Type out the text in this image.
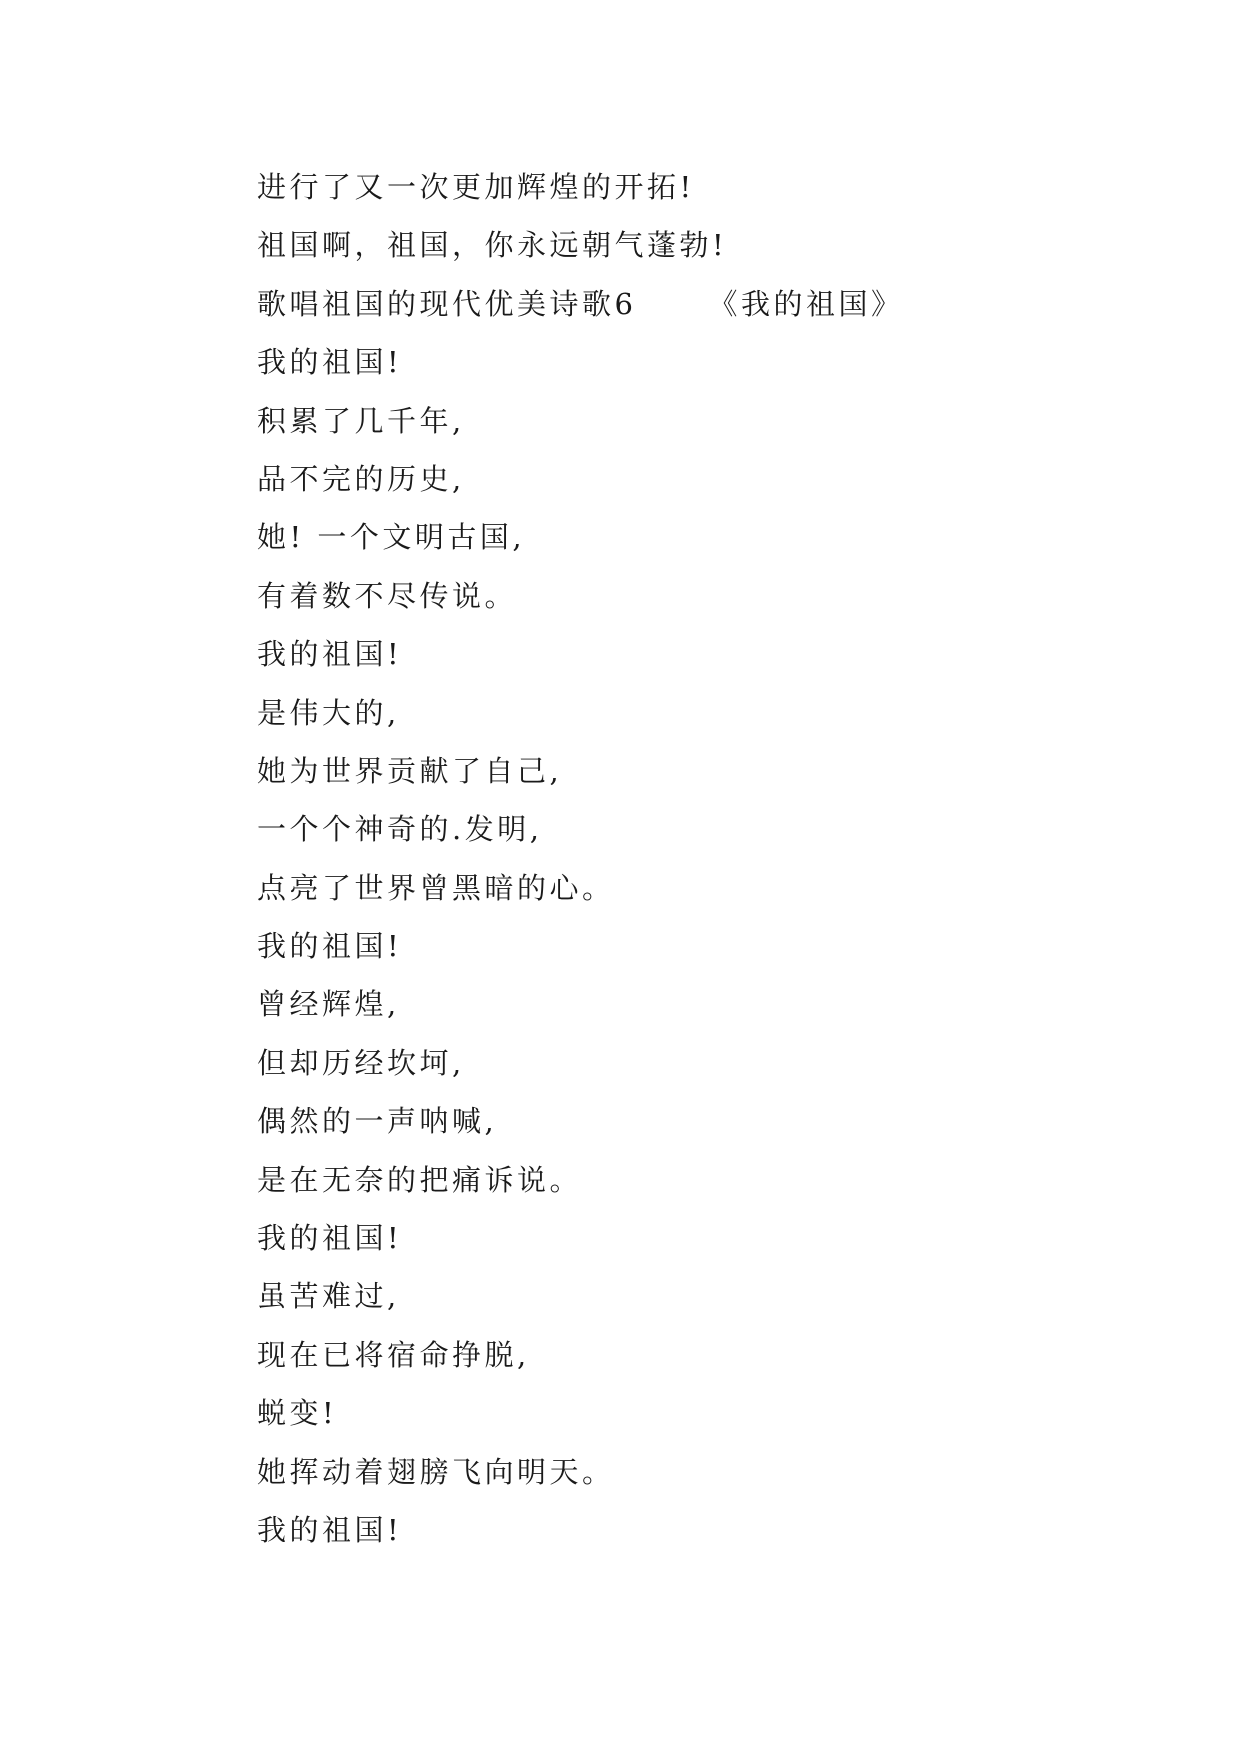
进行了又一次更加辉煌的开拓!
祖国啊，祖国，你永远朝气蓬勃!
歌唱祖国的现代优美诗歌6 《我的祖国》
我的祖国!
积累了几千年,
品不完的历史,
她! 一个文明古国,
有着数不尽传说。
我的祖国!
是伟大的,
她为世界贡献了自己,
一个个神奇的.发明,
点亮了世界曾黑暗的心。
我的祖国!
曾经辉煌,
但却历经坎坷,
偶然的一声呐喊,
是在无奈的把痛诉说。
我的祖国!
虽苦难过,
现在已将宿命挣脱,
蜕变!
她挥动着翅膀飞向明天。
我的祖国!
